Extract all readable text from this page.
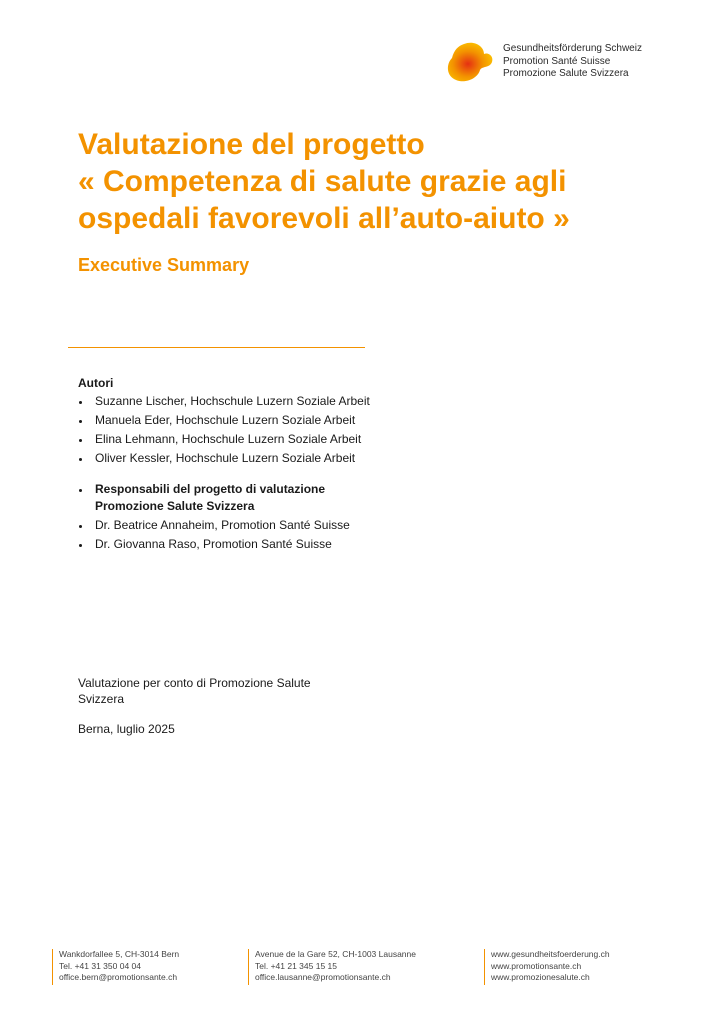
Gesundheitsförderung Schweiz
Promotion Santé Suisse
Promozione Salute Svizzera
Valutazione del progetto
« Competenza di salute grazie agli
ospedali favorevoli all’auto-aiuto »
Executive Summary
Autori
Suzanne Lischer, Hochschule Luzern Soziale Arbeit
Manuela Eder, Hochschule Luzern Soziale Arbeit
Elina Lehmann, Hochschule Luzern Soziale Arbeit
Oliver Kessler, Hochschule Luzern Soziale Arbeit
Responsabili del progetto di valutazione Promozione Salute Svizzera
Dr. Beatrice Annaheim, Promotion Santé Suisse
Dr. Giovanna Raso, Promotion Santé Suisse
Valutazione per conto di Promozione Salute Svizzera
Berna, luglio 2025
Wankdorfallee 5, CH-3014 Bern
Tel. +41 31 350 04 04
office.bern@promotionsante.ch
Avenue de la Gare 52, CH-1003 Lausanne
Tel. +41 21 345 15 15
office.lausanne@promotionsante.ch
www.gesundheitsfoerderung.ch
www.promotionsante.ch
www.promozionesalute.ch
